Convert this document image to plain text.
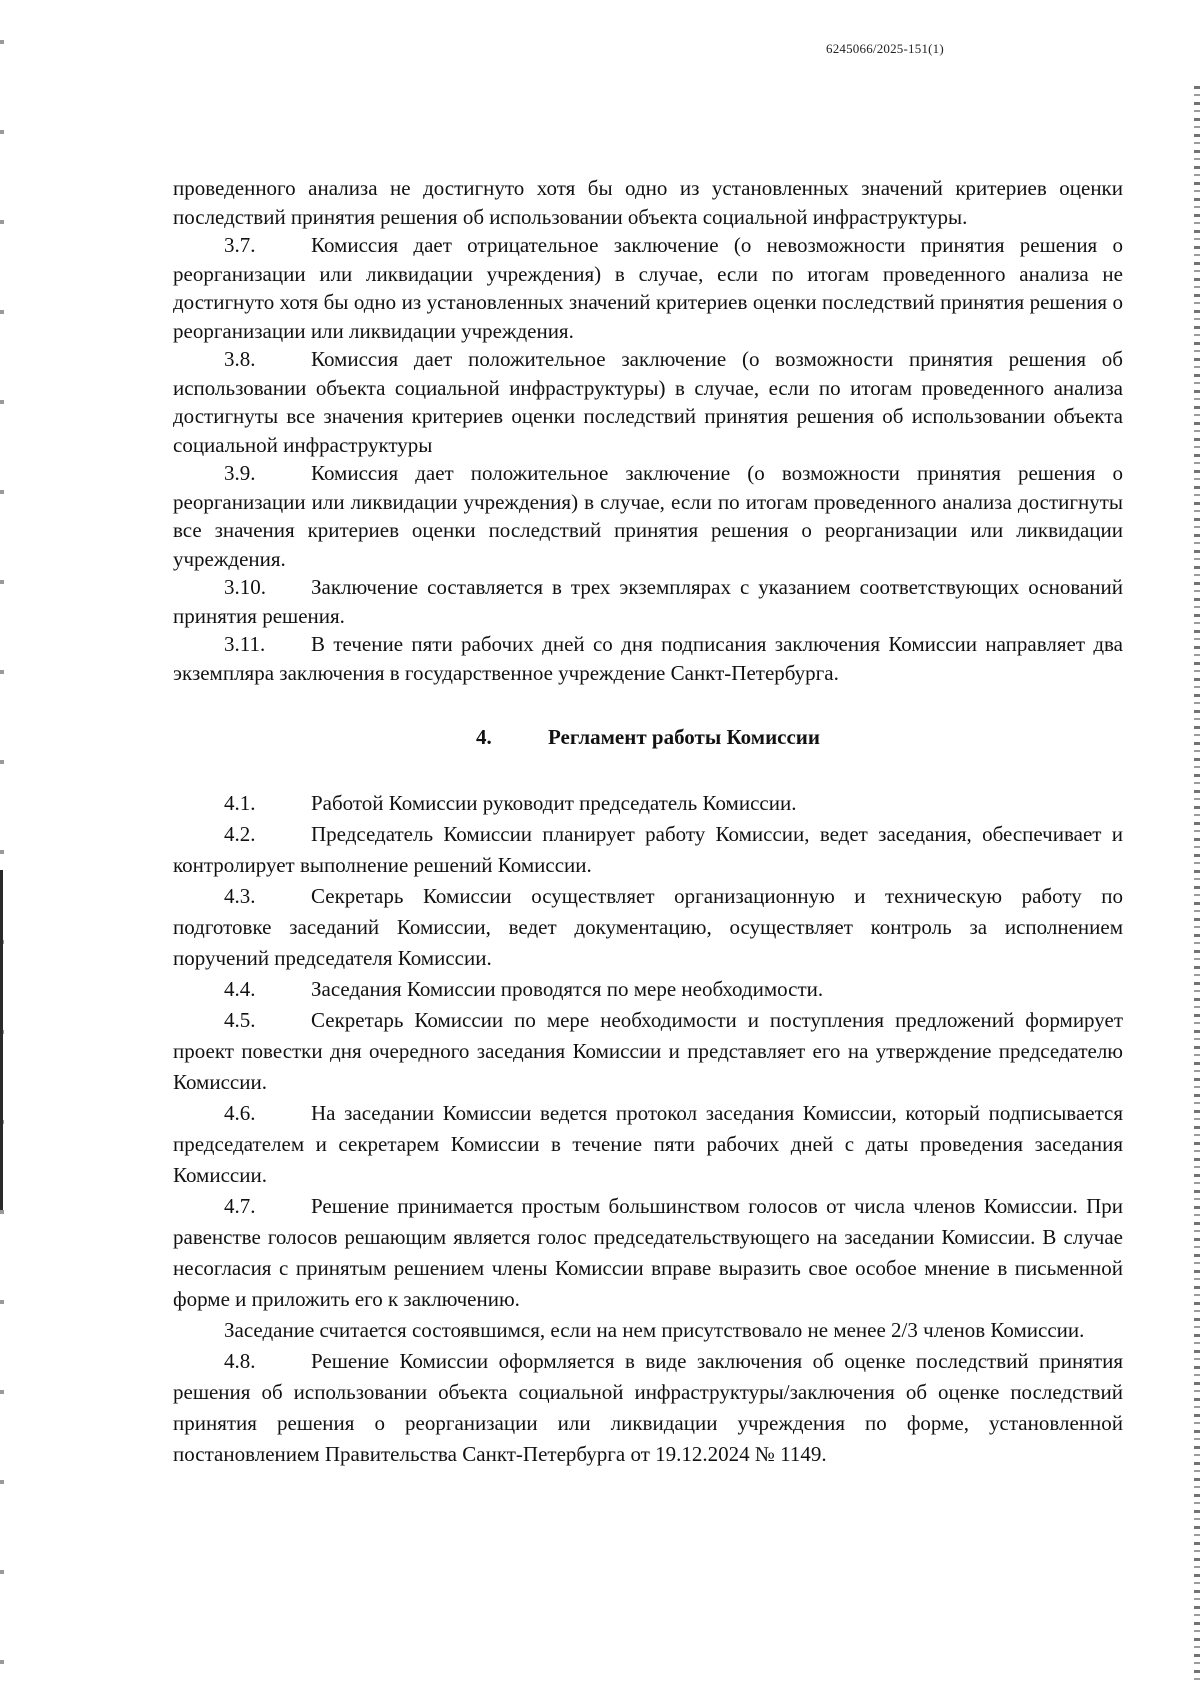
6245066/2025-151(1)

проведенного анализа не достигнуто хотя бы одно из установленных значений критериев оценки последствий принятия решения об использовании объекта социальной инфраструктуры.

3.7.	Комиссия дает отрицательное заключение (о невозможности принятия решения о реорганизации или ликвидации учреждения) в случае, если по итогам проведенного анализа не достигнуто хотя бы одно из установленных значений критериев оценки последствий принятия решения о реорганизации или ликвидации учреждения.

3.8.	Комиссия дает положительное заключение (о возможности принятия решения об использовании объекта социальной инфраструктуры) в случае, если по итогам проведенного анализа достигнуты все значения критериев оценки последствий принятия решения об использовании объекта социальной инфраструктуры

3.9.	Комиссия дает положительное заключение (о возможности принятия решения о реорганизации или ликвидации учреждения) в случае, если по итогам проведенного анализа достигнуты все значения критериев оценки последствий принятия решения о реорганизации или ликвидации учреждения.

3.10. Заключение составляется в трех экземплярах с указанием соответствующих оснований принятия решения.

3.11. В течение пяти рабочих дней со дня подписания заключения Комиссии направляет два экземпляра заключения в государственное учреждение Санкт-Петербурга.

4.	Регламент работы Комиссии

4.1.	Работой Комиссии руководит председатель Комиссии.

4.2.	Председатель Комиссии планирует работу Комиссии, ведет заседания, обеспечивает и контролирует выполнение решений Комиссии.

4.3.	Секретарь Комиссии осуществляет организационную и техническую работу по подготовке заседаний Комиссии, ведет документацию, осуществляет контроль за исполнением поручений председателя Комиссии.

4.4.	Заседания Комиссии проводятся по мере необходимости.

4.5.	Секретарь Комиссии по мере необходимости и поступления предложений формирует проект повестки дня очередного заседания Комиссии и представляет его на утверждение председателю Комиссии.

4.6.	На заседании Комиссии ведется протокол заседания Комиссии, который подписывается председателем и секретарем Комиссии в течение пяти рабочих дней с даты проведения заседания Комиссии.

4.7.	Решение принимается простым большинством голосов от числа членов Комиссии. При равенстве голосов решающим является голос председательствующего на заседании Комиссии. В случае несогласия с принятым решением члены Комиссии вправе выразить свое особое мнение в письменной форме и приложить его к заключению.

Заседание считается состоявшимся, если на нем присутствовало не менее 2/3 членов Комиссии.

4.8.	Решение Комиссии оформляется в виде заключения об оценке последствий принятия решения об использовании объекта социальной инфраструктуры/заключения об оценке последствий принятия решения о реорганизации или ликвидации учреждения по форме, установленной постановлением Правительства Санкт-Петербурга от 19.12.2024 № 1149.
